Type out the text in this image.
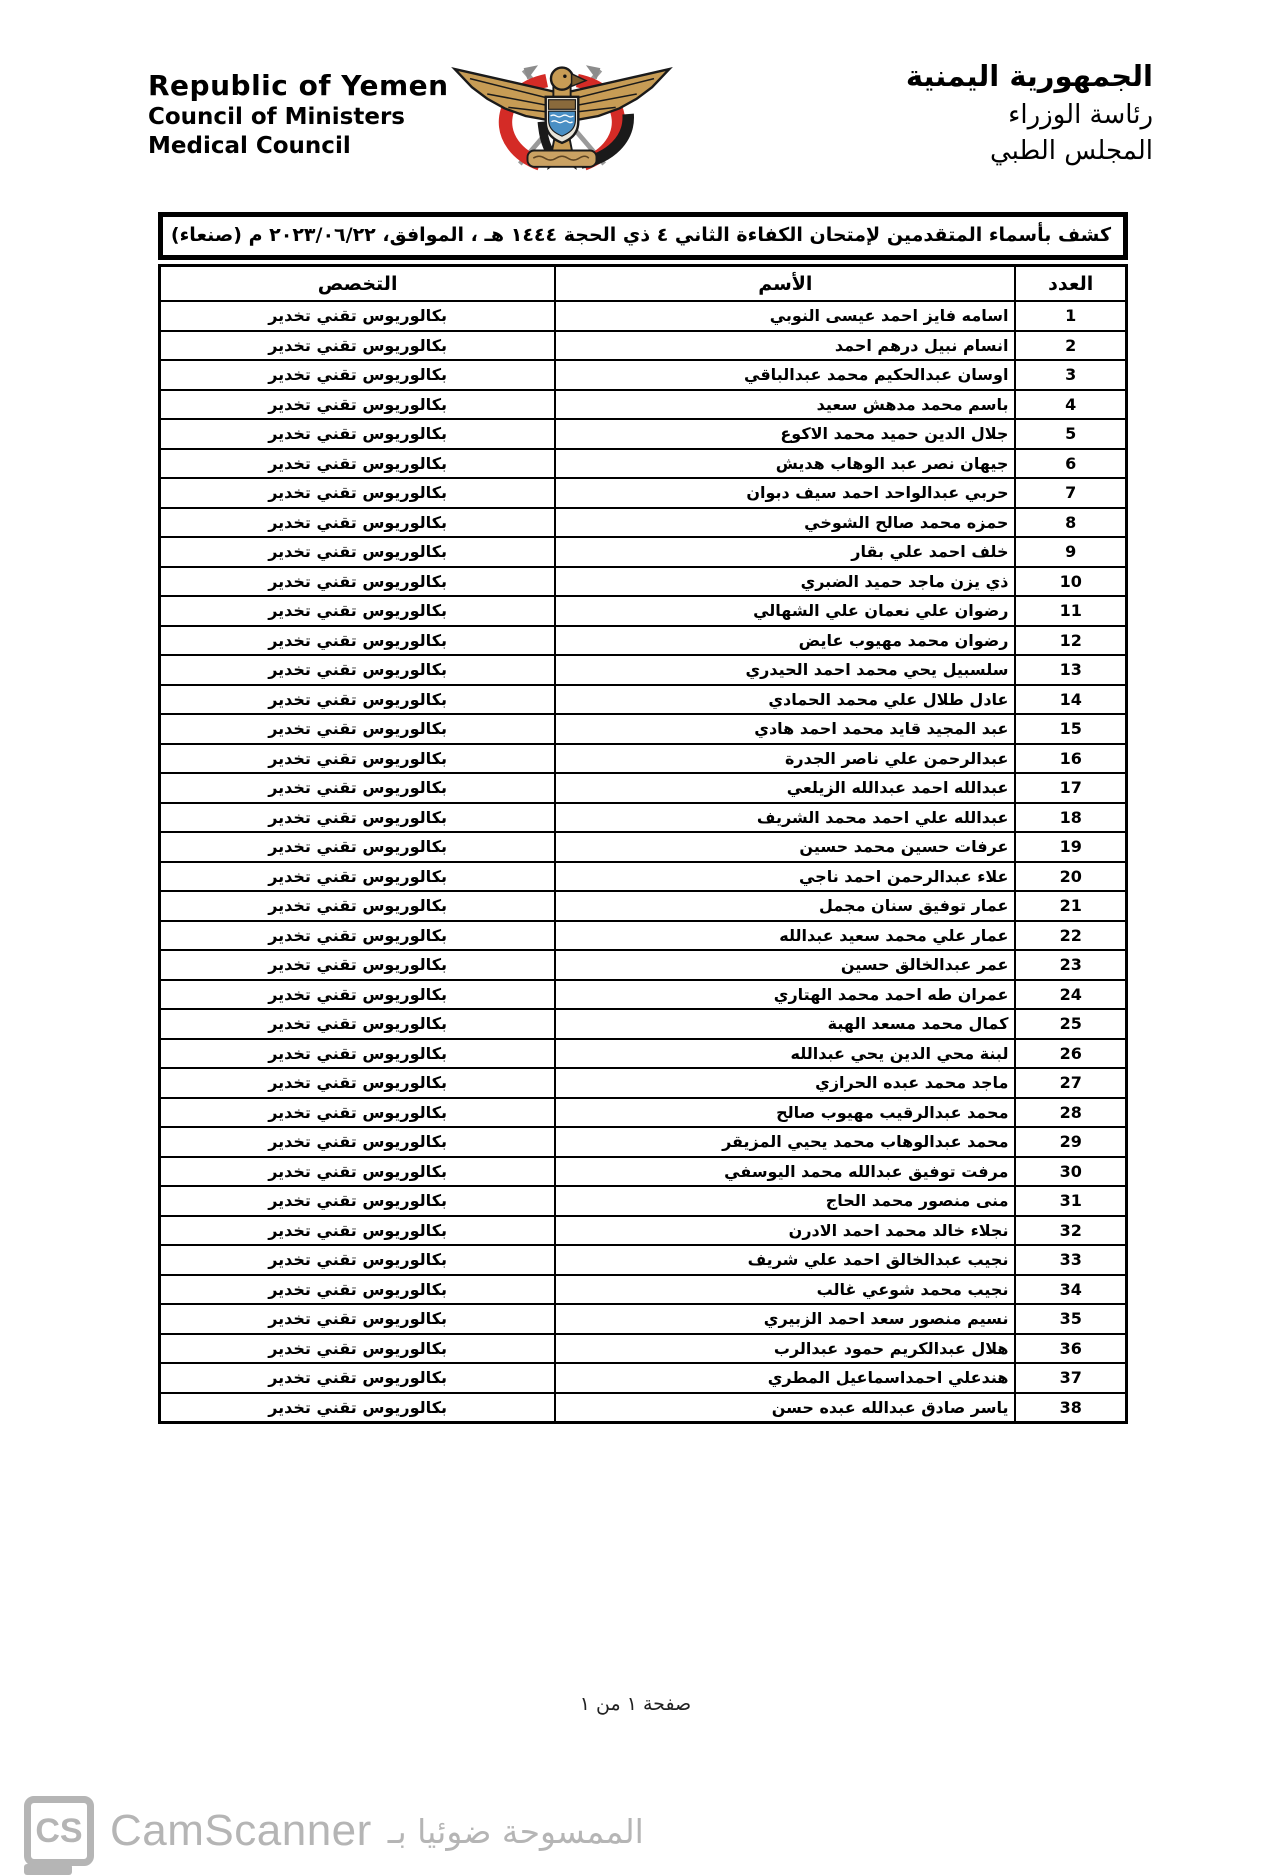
Republic of Yemen
Council of Ministers
Medical Council
الجمهورية اليمنية
رئاسة الوزراء
المجلس الطبي
كشف بأسماء المتقدمين لإمتحان الكفاءة الثاني ٤ ذي الحجة ١٤٤٤ هـ ، الموافق، ٢٠٢٣/٠٦/٢٢ م (صنعاء)
العدد	الأسم	التخصص
1	اسامه فايز احمد عيسى النوبي	بكالوريوس تقني تخدير
2	انسام نبيل درهم احمد	بكالوريوس تقني تخدير
3	اوسان عبدالحكيم محمد عبدالباقي	بكالوريوس تقني تخدير
4	باسم محمد مدهش سعيد	بكالوريوس تقني تخدير
5	جلال الدين حميد محمد الاكوع	بكالوريوس تقني تخدير
6	جيهان نصر عبد الوهاب هديش	بكالوريوس تقني تخدير
7	حربي عبدالواحد احمد سيف دبوان	بكالوريوس تقني تخدير
8	حمزه محمد صالح الشوخي	بكالوريوس تقني تخدير
9	خلف احمد علي بقار	بكالوريوس تقني تخدير
10	ذي يزن ماجد حميد الضبري	بكالوريوس تقني تخدير
11	رضوان علي نعمان علي الشهالي	بكالوريوس تقني تخدير
12	رضوان محمد مهيوب عايض	بكالوريوس تقني تخدير
13	سلسبيل يحي محمد احمد الحيدري	بكالوريوس تقني تخدير
14	عادل طلال علي محمد الحمادي	بكالوريوس تقني تخدير
15	عبد المجيد قايد محمد احمد هادي	بكالوريوس تقني تخدير
16	عبدالرحمن علي ناصر الجدرة	بكالوريوس تقني تخدير
17	عبدالله احمد عبدالله الزيلعي	بكالوريوس تقني تخدير
18	عبدالله علي احمد محمد الشريف	بكالوريوس تقني تخدير
19	عرفات حسين محمد حسين	بكالوريوس تقني تخدير
20	علاء عبدالرحمن احمد ناجي	بكالوريوس تقني تخدير
21	عمار توفيق سنان مجمل	بكالوريوس تقني تخدير
22	عمار علي محمد سعيد عبدالله	بكالوريوس تقني تخدير
23	عمر عبدالخالق حسين	بكالوريوس تقني تخدير
24	عمران طه احمد محمد الهتاري	بكالوريوس تقني تخدير
25	كمال محمد مسعد الهبة	بكالوريوس تقني تخدير
26	لبنة محي الدين يحي عبدالله	بكالوريوس تقني تخدير
27	ماجد محمد عبده الحرازي	بكالوريوس تقني تخدير
28	محمد عبدالرقيب مهيوب صالح	بكالوريوس تقني تخدير
29	محمد عبدالوهاب محمد يحيي المزيقر	بكالوريوس تقني تخدير
30	مرفت توفيق عبدالله محمد اليوسفي	بكالوريوس تقني تخدير
31	منى منصور محمد الحاج	بكالوريوس تقني تخدير
32	نجلاء خالد محمد احمد الادرن	بكالوريوس تقني تخدير
33	نجيب عبدالخالق احمد علي شريف	بكالوريوس تقني تخدير
34	نجيب محمد شوعي غالب	بكالوريوس تقني تخدير
35	نسيم منصور سعد احمد الزبيري	بكالوريوس تقني تخدير
36	هلال عبدالكريم حمود عبدالرب	بكالوريوس تقني تخدير
37	هندعلي احمداسماعيل المطري	بكالوريوس تقني تخدير
38	ياسر صادق عبدالله عبده حسن	بكالوريوس تقني تخدير
صفحة ١ من ١
CS CamScanner الممسوحة ضوئيا بـ
